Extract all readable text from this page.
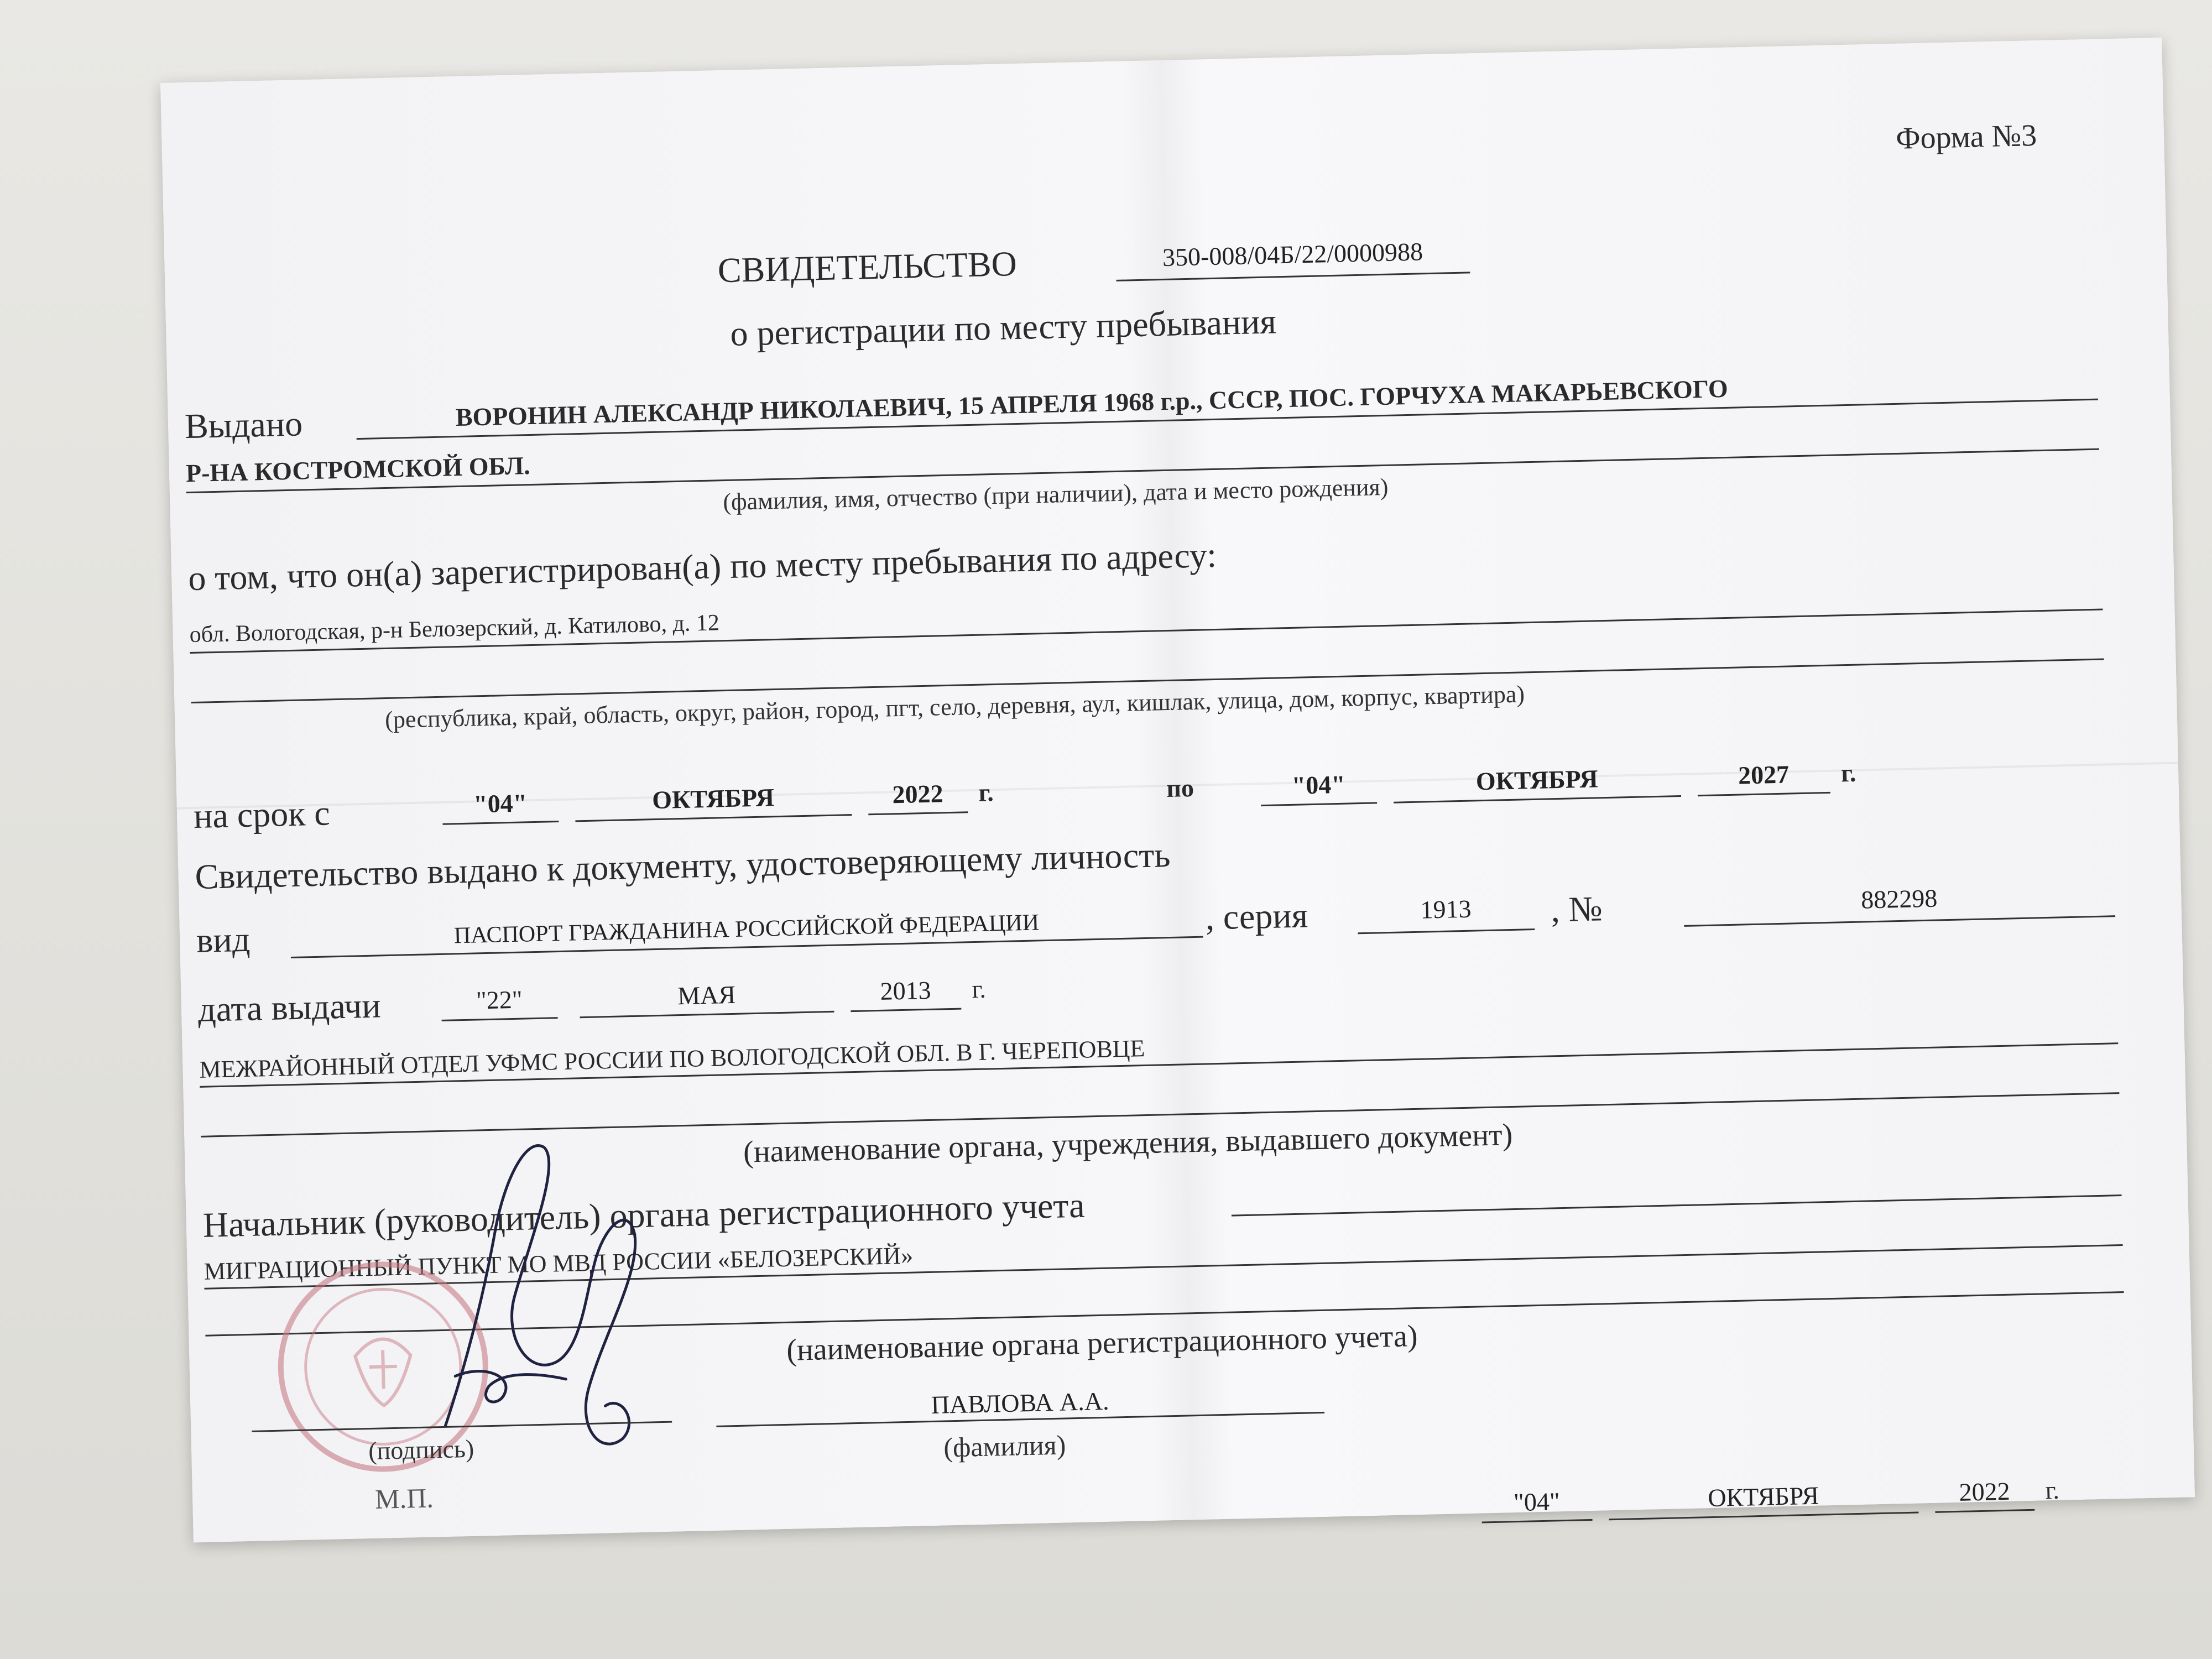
Форма №3
СВИДЕТЕЛЬСТВО	350-008/04Б/22/0000988
о регистрации по месту пребывания
Выдано	ВОРОНИН АЛЕКСАНДР НИКОЛАЕВИЧ, 15 АПРЕЛЯ 1968 г.р., СССР, ПОС. ГОРЧУХА МАКАРЬЕВСКОГО
Р-НА КОСТРОМСКОЙ ОБЛ.
(фамилия, имя, отчество (при наличии), дата и место рождения)
о том, что он(а) зарегистрирован(а) по месту пребывания по адресу:
обл. Вологодская, р-н Белозерский, д. Катилово, д. 12
(республика, край, область, округ, район, город, пгт, село, деревня, аул, кишлак, улица, дом, корпус, квартира)
на срок с	"04"	ОКТЯБРЯ	2022	г.	по	"04"	ОКТЯБРЯ	2027	г.
Свидетельство выдано к документу, удостоверяющему личность
вид	ПАСПОРТ ГРАЖДАНИНА РОССИЙСКОЙ ФЕДЕРАЦИИ	, серия	1913	, №	882298
дата выдачи	"22"	МАЯ	2013	г.
МЕЖРАЙОННЫЙ ОТДЕЛ УФМС РОССИИ ПО ВОЛОГОДСКОЙ ОБЛ. В Г. ЧЕРЕПОВЦЕ
(наименование органа, учреждения, выдавшего документ)
Начальник (руководитель) органа регистрационного учета
МИГРАЦИОННЫЙ ПУНКТ МО МВД РОССИИ «БЕЛОЗЕРСКИЙ»
(наименование органа регистрационного учета)
(подпись)
М.П.
ПАВЛОВА А.А.
(фамилия)
"04"	ОКТЯБРЯ	2022	г.
